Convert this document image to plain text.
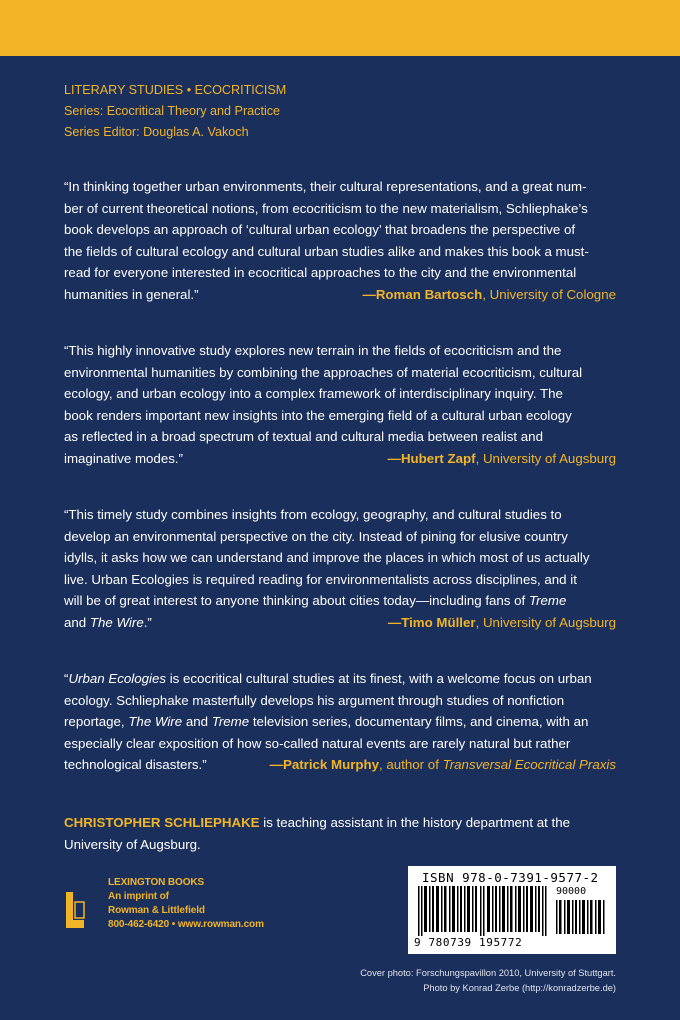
LITERARY STUDIES • ECOCRITICISM
Series: Ecocritical Theory and Practice
Series Editor: Douglas A. Vakoch
“In thinking together urban environments, their cultural representations, and a great num-
ber of current theoretical notions, from ecocriticism to the new materialism, Schliephake’s
book develops an approach of ‘cultural urban ecology’ that broadens the perspective of
the fields of cultural ecology and cultural urban studies alike and makes this book a must-
read for everyone interested in ecocritical approaches to the city and the environmental
humanities in general.”	—Roman Bartosch, University of Cologne
“This highly innovative study explores new terrain in the fields of ecocriticism and the
environmental humanities by combining the approaches of material ecocriticism, cultural
ecology, and urban ecology into a complex framework of interdisciplinary inquiry. The
book renders important new insights into the emerging field of a cultural urban ecology
as reflected in a broad spectrum of textual and cultural media between realist and
imaginative modes.”	—Hubert Zapf, University of Augsburg
“This timely study combines insights from ecology, geography, and cultural studies to
develop an environmental perspective on the city. Instead of pining for elusive country
idylls, it asks how we can understand and improve the places in which most of us actually
live. Urban Ecologies is required reading for environmentalists across disciplines, and it
will be of great interest to anyone thinking about cities today—including fans of Treme
and The Wire.”	—Timo Müller, University of Augsburg
“Urban Ecologies is ecocritical cultural studies at its finest, with a welcome focus on urban
ecology. Schliephake masterfully develops his argument through studies of nonfiction
reportage, The Wire and Treme television series, documentary films, and cinema, with an
especially clear exposition of how so-called natural events are rarely natural but rather
technological disasters.”	—Patrick Murphy, author of Transversal Ecocritical Praxis
CHRISTOPHER SCHLIEPHAKE is teaching assistant in the history department at the
University of Augsburg.
LEXINGTON BOOKS
An imprint of
Rowman & Littlefield
800-462-6420 • www.rowman.com
ISBN 978-0-7391-9577-2
90000
9 780739 195772
Cover photo: Forschungspavillon 2010, University of Stuttgart.
Photo by Konrad Zerbe (http://konradzerbe.de)
